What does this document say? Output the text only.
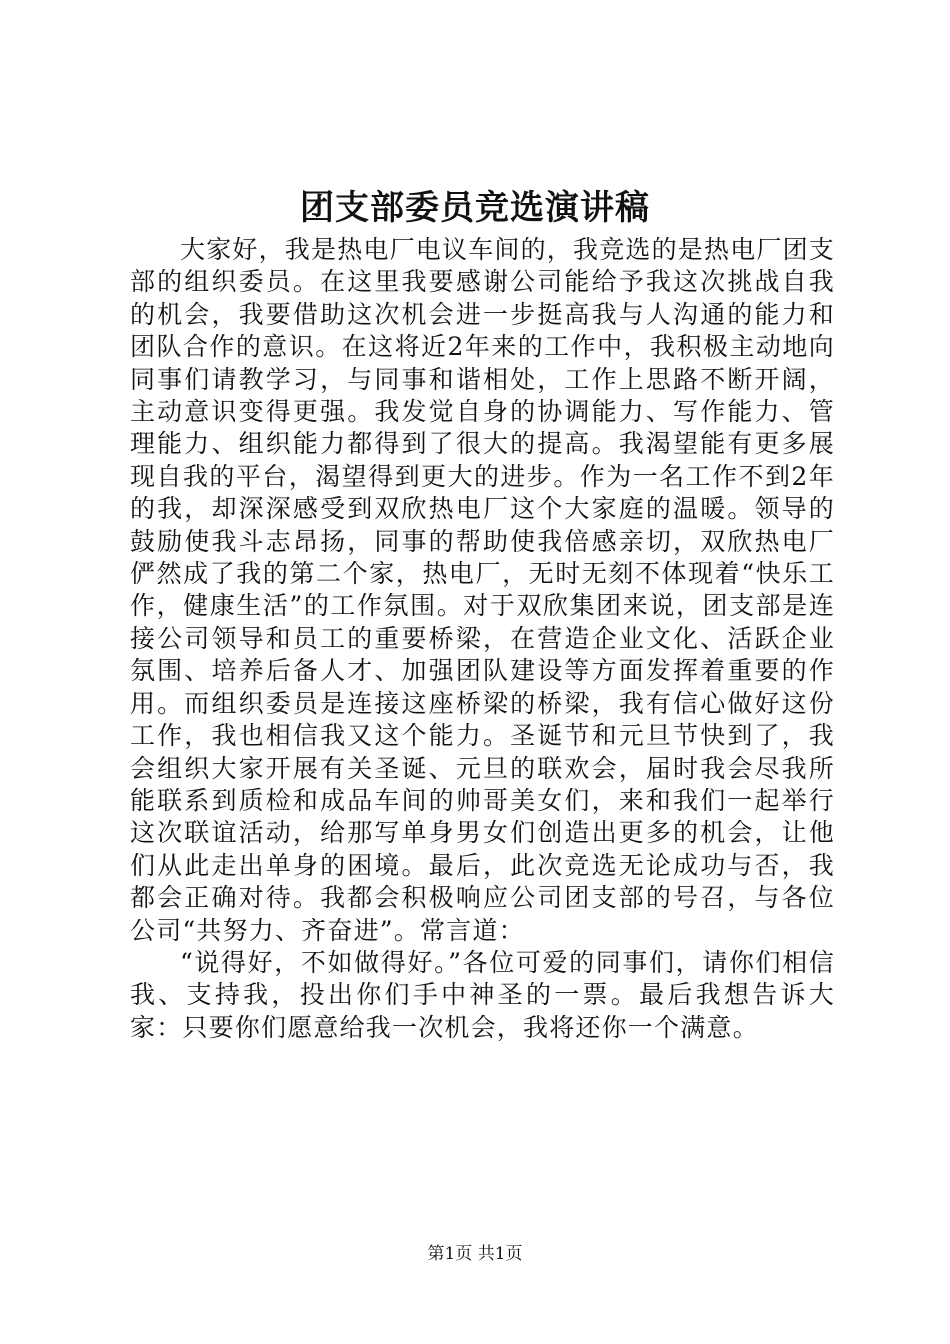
团支部委员竞选演讲稿

大家好，我是热电厂电议车间的，我竞选的是热电厂团支部的组织委员。在这里我要感谢公司能给予我这次挑战自我的机会，我要借助这次机会进一步挺高我与人沟通的能力和团队合作的意识。在这将近2年来的工作中，我积极主动地向同事们请教学习，与同事和谐相处，工作上思路不断开阔，主动意识变得更强。我发觉自身的协调能力、写作能力、管理能力、组织能力都得到了很大的提高。我渴望能有更多展现自我的平台，渴望得到更大的进步。作为一名工作不到2年的我，却深深感受到双欣热电厂这个大家庭的温暖。领导的鼓励使我斗志昂扬，同事的帮助使我倍感亲切，双欣热电厂俨然成了我的第二个家，热电厂，无时无刻不体现着“快乐工作，健康生活”的工作氛围。对于双欣集团来说，团支部是连接公司领导和员工的重要桥梁，在营造企业文化、活跃企业氛围、培养后备人才、加强团队建设等方面发挥着重要的作用。而组织委员是连接这座桥梁的桥梁，我有信心做好这份工作，我也相信我又这个能力。圣诞节和元旦节快到了，我会组织大家开展有关圣诞、元旦的联欢会，届时我会尽我所能联系到质检和成品车间的帅哥美女们，来和我们一起举行这次联谊活动，给那写单身男女们创造出更多的机会，让他们从此走出单身的困境。最后，此次竞选无论成功与否，我都会正确对待。我都会积极响应公司团支部的号召，与各位公司“共努力、齐奋进”。常言道：

“说得好，不如做得好。”各位可爱的同事们，请你们相信我、支持我，投出你们手中神圣的一票。最后我想告诉大家：只要你们愿意给我一次机会，我将还你一个满意。

第1页 共1页
